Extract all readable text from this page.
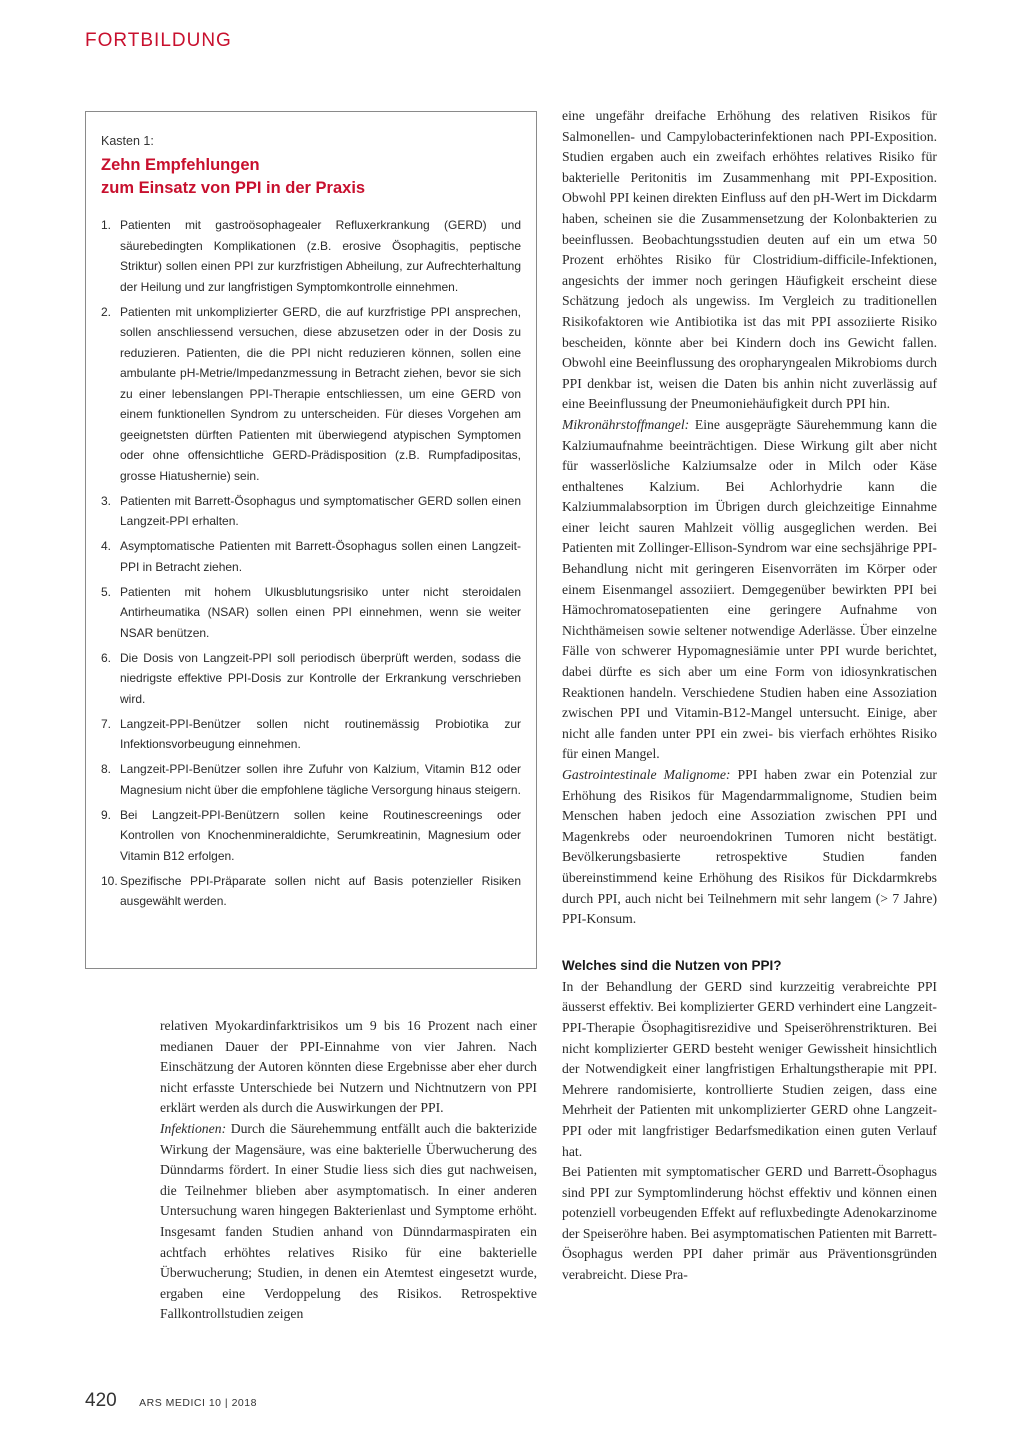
FORTBILDUNG
Kasten 1:
Zehn Empfehlungen
zum Einsatz von PPI in der Praxis
1. Patienten mit gastroösophagealer Refluxerkrankung (GERD) und säurebedingten Komplikationen (z.B. erosive Ösophagitis, peptische Striktur) sollen einen PPI zur kurzfristigen Abheilung, zur Aufrechterhaltung der Heilung und zur langfristigen Symptomkontrolle einnehmen.
2. Patienten mit unkomplizierter GERD, die auf kurzfristige PPI ansprechen, sollen anschliessend versuchen, diese abzusetzen oder in der Dosis zu reduzieren. Patienten, die die PPI nicht reduzieren können, sollen eine ambulante pH-Metrie/Impedanzmessung in Betracht ziehen, bevor sie sich zu einer lebenslangen PPI-Therapie entschliessen, um eine GERD von einem funktionellen Syndrom zu unterscheiden. Für dieses Vorgehen am geeignetsten dürften Patienten mit überwiegend atypischen Symptomen oder ohne offensichtliche GERD-Prädisposition (z.B. Rumpfadipositas, grosse Hiatushernie) sein.
3. Patienten mit Barrett-Ösophagus und symptomatischer GERD sollen einen Langzeit-PPI erhalten.
4. Asymptomatische Patienten mit Barrett-Ösophagus sollen einen Langzeit-PPI in Betracht ziehen.
5. Patienten mit hohem Ulkusblutungsrisiko unter nicht steroidalen Antirheumatika (NSAR) sollen einen PPI einnehmen, wenn sie weiter NSAR benützen.
6. Die Dosis von Langzeit-PPI soll periodisch überprüft werden, sodass die niedrigste effektive PPI-Dosis zur Kontrolle der Erkrankung verschrieben wird.
7. Langzeit-PPI-Benützer sollen nicht routinemässig Probiotika zur Infektionsvorbeugung einnehmen.
8. Langzeit-PPI-Benützer sollen ihre Zufuhr von Kalzium, Vitamin B12 oder Magnesium nicht über die empfohlene tägliche Versorgung hinaus steigern.
9. Bei Langzeit-PPI-Benützern sollen keine Routinescreenings oder Kontrollen von Knochenmineraldichte, Serumkreatinin, Magnesium oder Vitamin B12 erfolgen.
10. Spezifische PPI-Präparate sollen nicht auf Basis potenzieller Risiken ausgewählt werden.

relativen Myokardinfarktrisikos um 9 bis 16 Prozent nach einer medianen Dauer der PPI-Einnahme von vier Jahren. Nach Einschätzung der Autoren könnten diese Ergebnisse aber eher durch nicht erfasste Unterschiede bei Nutzern und Nichtnutzern von PPI erklärt werden als durch die Auswirkungen der PPI.

Infektionen: Durch die Säurehemmung entfällt auch die bakterizide Wirkung der Magensäure, was eine bakterielle Überwucherung des Dünndarms fördert. In einer Studie liess sich dies gut nachweisen, die Teilnehmer blieben aber asymptomatisch. In einer anderen Untersuchung waren hingegen Bakterienlast und Symptome erhöht. Insgesamt fanden Studien anhand von Dünndarmaspiraten ein achtfach erhöhtes relatives Risiko für eine bakterielle Überwucherung; Studien, in denen ein Atemtest eingesetzt wurde, ergaben eine Verdoppelung des Risikos. Retrospektive Fallkontrollstudien zeigen

eine ungefähr dreifache Erhöhung des relativen Risikos für Salmonellen- und Campylobacterinfektionen nach PPI-Exposition. Studien ergaben auch ein zweifach erhöhtes relatives Risiko für bakterielle Peritonitis im Zusammenhang mit PPI-Exposition. Obwohl PPI keinen direkten Einfluss auf den pH-Wert im Dickdarm haben, scheinen sie die Zusammensetzung der Kolonbakterien zu beeinflussen. Beobachtungsstudien deuten auf ein um etwa 50 Prozent erhöhtes Risiko für Clostridium-difficile-Infektionen, angesichts der immer noch geringen Häufigkeit erscheint diese Schätzung jedoch als ungewiss. Im Vergleich zu traditionellen Risikofaktoren wie Antibiotika ist das mit PPI assoziierte Risiko bescheiden, könnte aber bei Kindern doch ins Gewicht fallen. Obwohl eine Beeinflussung des oropharyngealen Mikrobioms durch PPI denkbar ist, weisen die Daten bis anhin nicht zuverlässig auf eine Beeinflussung der Pneumoniehäufigkeit durch PPI hin.

Mikronährstoffmangel: Eine ausgeprägte Säurehemmung kann die Kalziumaufnahme beeinträchtigen. Diese Wirkung gilt aber nicht für wasserlösliche Kalziumsalze oder in Milch oder Käse enthaltenes Kalzium. Bei Achlorhydrie kann die Kalziummalabsorption im Übrigen durch gleichzeitige Einnahme einer leicht sauren Mahlzeit völlig ausgeglichen werden. Bei Patienten mit Zollinger-Ellison-Syndrom war eine sechsjährige PPI-Behandlung nicht mit geringeren Eisenvorräten im Körper oder einem Eisenmangel assoziiert. Demgegenüber bewirkten PPI bei Hämochromatosepatienten eine geringere Aufnahme von Nichthämeisen sowie seltener notwendige Aderlässe. Über einzelne Fälle von schwerer Hypomagnesiämie unter PPI wurde berichtet, dabei dürfte es sich aber um eine Form von idiosynkratischen Reaktionen handeln. Verschiedene Studien haben eine Assoziation zwischen PPI und Vitamin-B12-Mangel untersucht. Einige, aber nicht alle fanden unter PPI ein zwei- bis vierfach erhöhtes Risiko für einen Mangel.

Gastrointestinale Malignome: PPI haben zwar ein Potenzial zur Erhöhung des Risikos für Magendarmmalignome, Studien beim Menschen haben jedoch eine Assoziation zwischen PPI und Magenkrebs oder neuroendokrinen Tumoren nicht bestätigt. Bevölkerungsbasierte retrospektive Studien fanden übereinstimmend keine Erhöhung des Risikos für Dickdarmkrebs durch PPI, auch nicht bei Teilnehmern mit sehr langem (> 7 Jahre) PPI-Konsum.

Welches sind die Nutzen von PPI?

In der Behandlung der GERD sind kurzzeitig verabreichte PPI äusserst effektiv. Bei komplizierter GERD verhindert eine Langzeit-PPI-Therapie Ösophagitisrezidive und Speiseröhrenstrikturen. Bei nicht komplizierter GERD besteht weniger Gewissheit hinsichtlich der Notwendigkeit einer langfristigen Erhaltungstherapie mit PPI. Mehrere randomisierte, kontrollierte Studien zeigen, dass eine Mehrheit der Patienten mit unkomplizierter GERD ohne Langzeit-PPI oder mit langfristiger Bedarfsmedikation einen guten Verlauf hat.

Bei Patienten mit symptomatischer GERD und Barrett-Ösophagus sind PPI zur Symptomlinderung höchst effektiv und können einen potenziell vorbeugenden Effekt auf refluxbedingte Adenokarzinome der Speiseröhre haben. Bei asymptomatischen Patienten mit Barrett-Ösophagus werden PPI daher primär aus Präventionsgründen verabreicht. Diese Pra-

420 ARS MEDICI 10 | 2018
